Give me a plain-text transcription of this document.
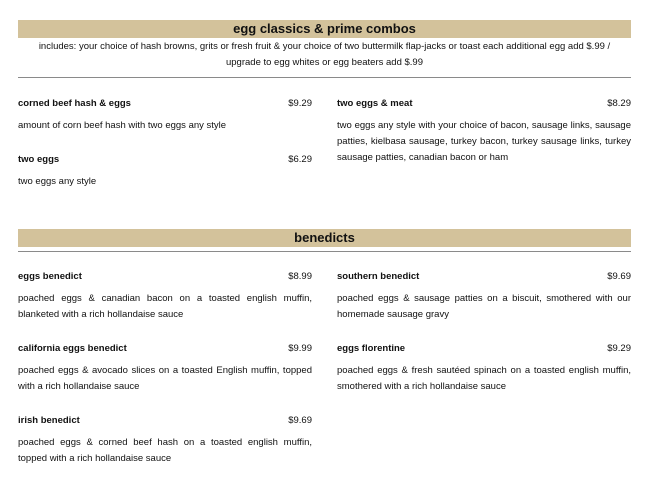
egg classics & prime combos
includes: your choice of hash browns, grits or fresh fruit & your choice of two buttermilk flap-jacks or toast each additional egg add $.99 /
upgrade to egg whites or egg beaters add $.99
corned beef hash & eggs	$9.29
amount of corn beef hash with two eggs any style
two eggs	$6.29
two eggs any style
two eggs & meat	$8.29
two eggs any style with your choice of bacon, sausage links, sausage patties, kielbasa sausage, turkey bacon, turkey sausage links, turkey sausage patties, canadian bacon or ham
benedicts
eggs benedict	$8.99
poached eggs & canadian bacon on a toasted english muffin, blanketed with a rich hollandaise sauce
california eggs benedict	$9.99
poached eggs & avocado slices on a toasted English muffin, topped with a rich hollandaise sauce
irish benedict	$9.69
poached eggs & corned beef hash on a toasted english muffin, topped with a rich hollandaise sauce
southern benedict	$9.69
poached eggs & sausage patties on a biscuit, smothered with our homemade sausage gravy
eggs florentine	$9.29
poached eggs & fresh sautéed spinach on a toasted english muffin, smothered with a rich hollandaise sauce
